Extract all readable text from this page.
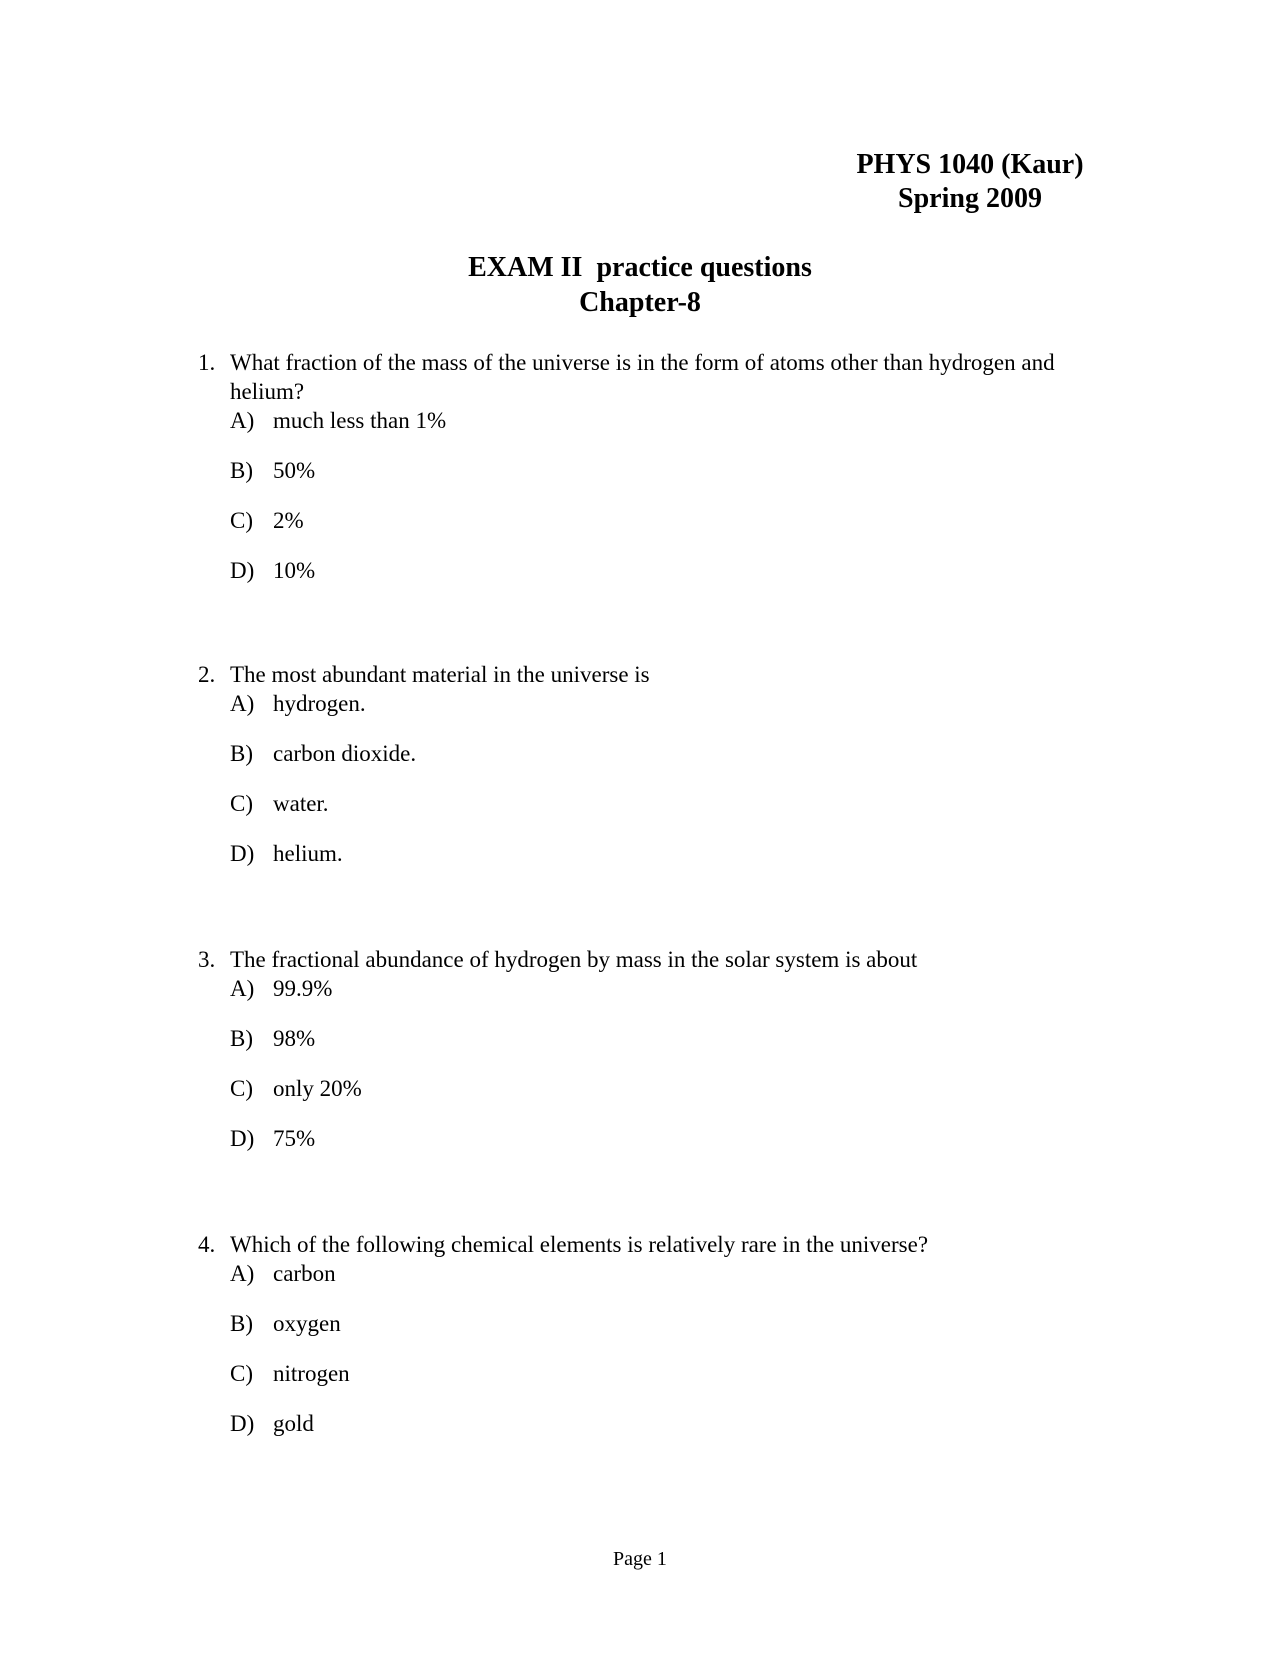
PHYS 1040 (Kaur)
Spring 2009
EXAM II  practice questions
Chapter-8
1. What fraction of the mass of the universe is in the form of atoms other than hydrogen and helium?
A) much less than 1%
B) 50%
C) 2%
D) 10%
2. The most abundant material in the universe is
A) hydrogen.
B) carbon dioxide.
C) water.
D) helium.
3. The fractional abundance of hydrogen by mass in the solar system is about
A) 99.9%
B) 98%
C) only 20%
D) 75%
4. Which of the following chemical elements is relatively rare in the universe?
A) carbon
B) oxygen
C) nitrogen
D) gold
Page 1
